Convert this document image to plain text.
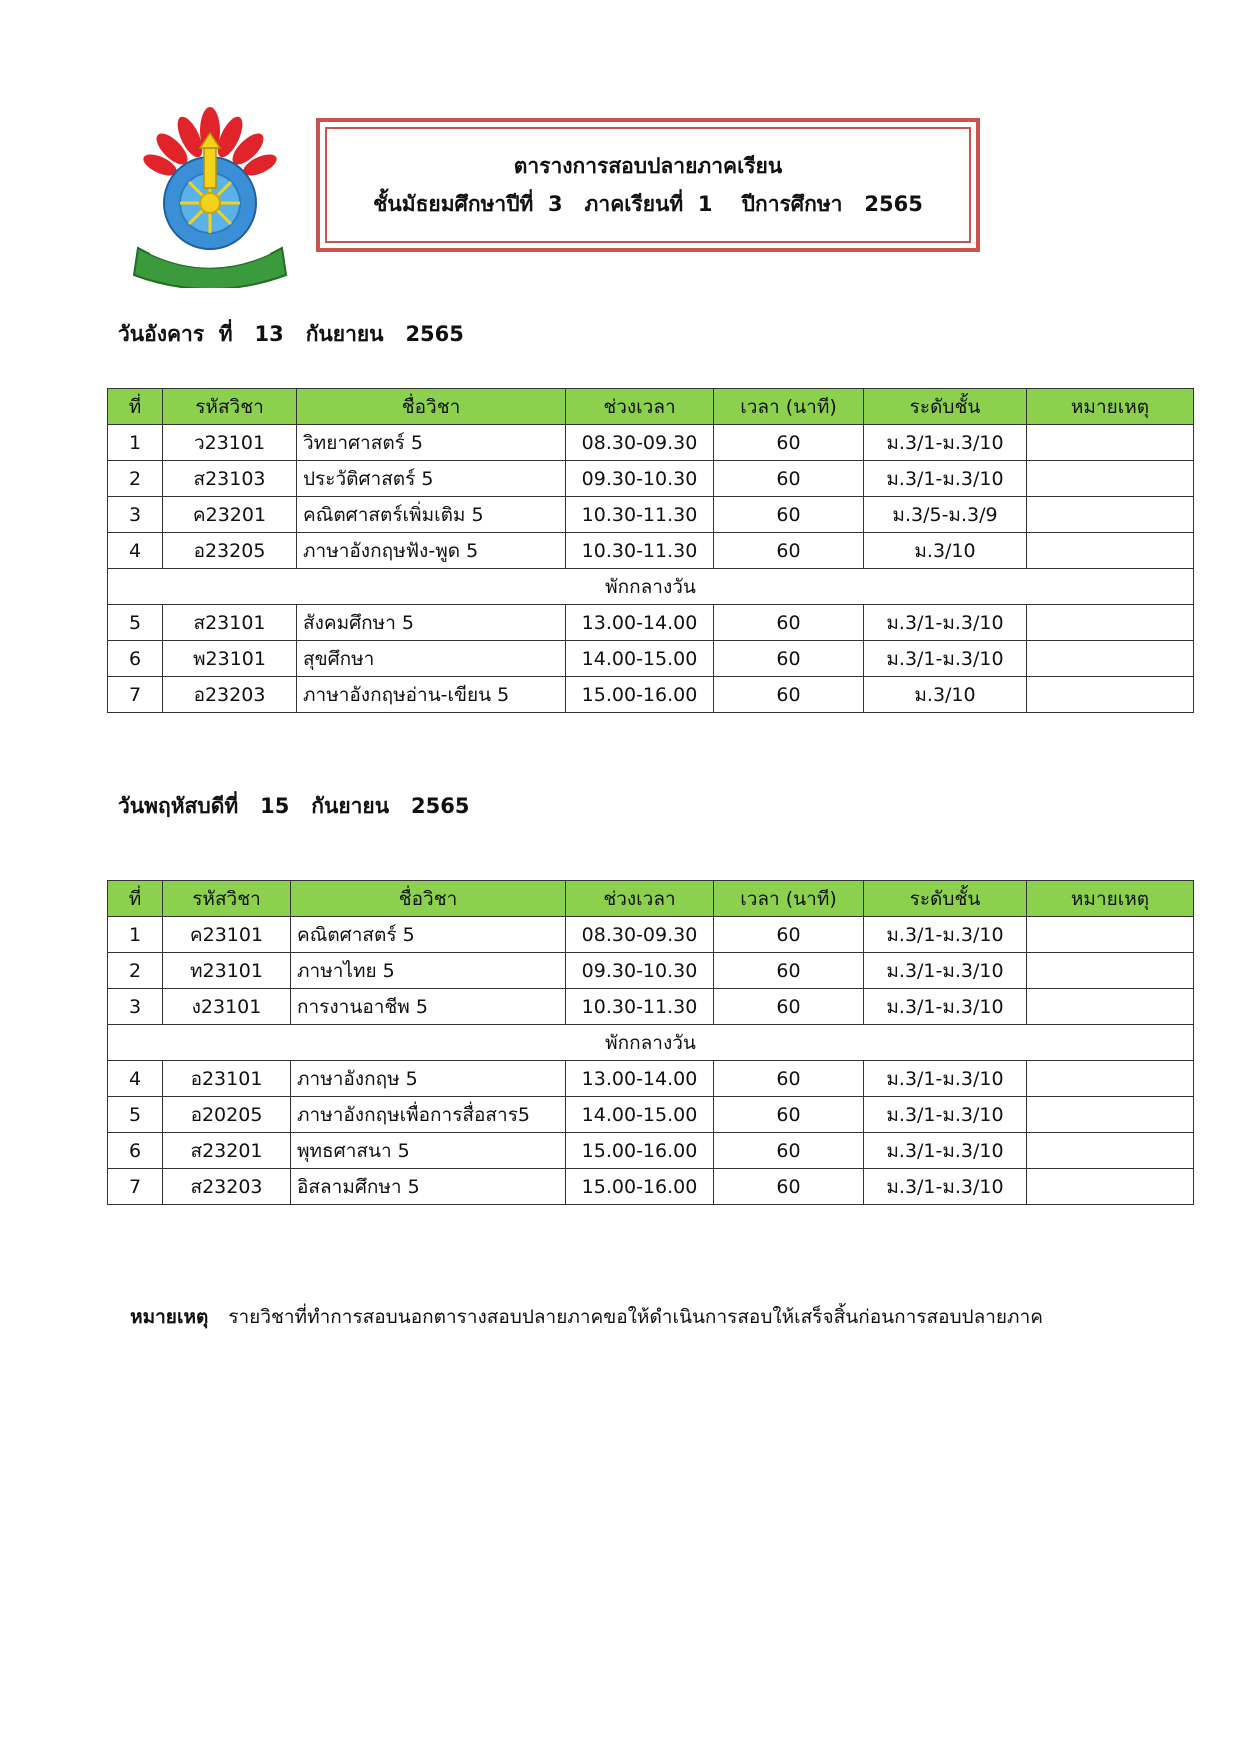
ตารางการสอบปลายภาคเรียน
ชั้นมัธยมศึกษาปีที่  3   ภาคเรียนที่  1    ปีการศึกษา   2565
วันอังคาร  ที่   13   กันยายน   2565
ที่	รหัสวิชา	ชื่อวิชา	ช่วงเวลา	เวลา (นาที)	ระดับชั้น	หมายเหตุ
1	ว23101	วิทยาศาสตร์ 5	08.30-09.30	60	ม.3/1-ม.3/10	
2	ส23103	ประวัติศาสตร์ 5	09.30-10.30	60	ม.3/1-ม.3/10	
3	ค23201	คณิตศาสตร์เพิ่มเติม 5	10.30-11.30	60	ม.3/5-ม.3/9	
4	อ23205	ภาษาอังกฤษฟัง-พูด 5	10.30-11.30	60	ม.3/10	
พักกลางวัน						
5	ส23101	สังคมศึกษา 5	13.00-14.00	60	ม.3/1-ม.3/10	
6	พ23101	สุขศึกษา	14.00-15.00	60	ม.3/1-ม.3/10	
7	อ23203	ภาษาอังกฤษอ่าน-เขียน 5	15.00-16.00	60	ม.3/10	
วันพฤหัสบดีที่   15   กันยายน   2565
ที่	รหัสวิชา	ชื่อวิชา	ช่วงเวลา	เวลา (นาที)	ระดับชั้น	หมายเหตุ
1	ค23101	คณิตศาสตร์ 5	08.30-09.30	60	ม.3/1-ม.3/10	
2	ท23101	ภาษาไทย 5	09.30-10.30	60	ม.3/1-ม.3/10	
3	ง23101	การงานอาชีพ 5	10.30-11.30	60	ม.3/1-ม.3/10	
พักกลางวัน						
4	อ23101	ภาษาอังกฤษ 5	13.00-14.00	60	ม.3/1-ม.3/10	
5	อ20205	ภาษาอังกฤษเพื่อการสื่อสาร5	14.00-15.00	60	ม.3/1-ม.3/10	
6	ส23201	พุทธศาสนา 5	15.00-16.00	60	ม.3/1-ม.3/10	
7	ส23203	อิสลามศึกษา 5	15.00-16.00	60	ม.3/1-ม.3/10	

หมายเหตุ รายวิชาที่ทำการสอบนอกตารางสอบปลายภาคขอให้ดำเนินการสอบให้เสร็จสิ้นก่อนการสอบปลายภาค
